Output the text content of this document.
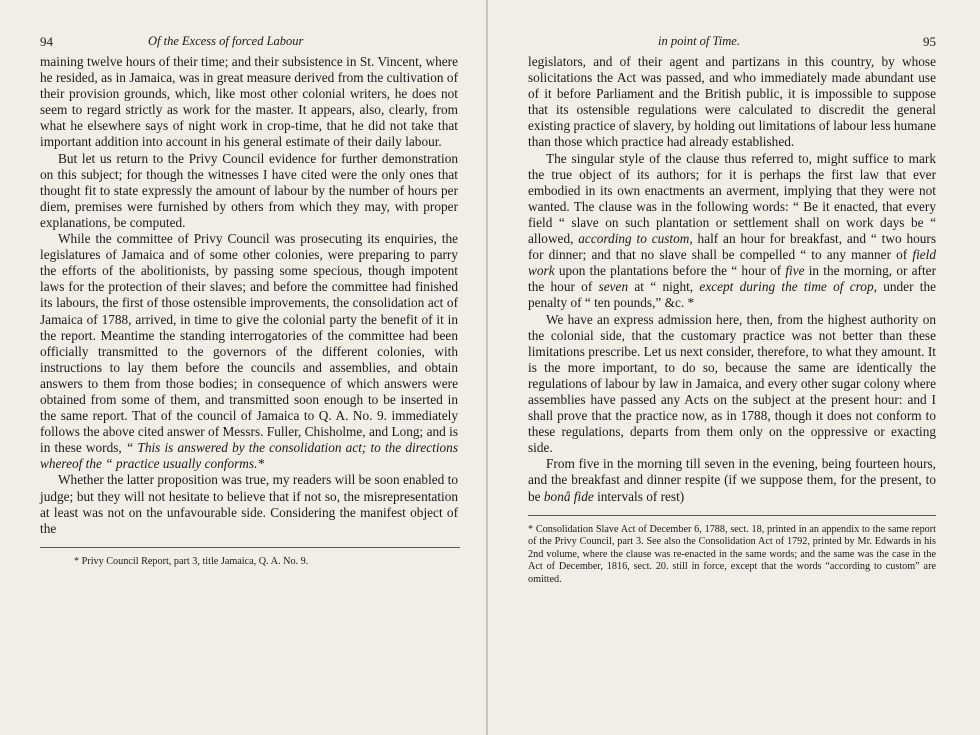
94	Of the Excess of forced Labour

maining twelve hours of their time; and their subsistence in St. Vincent, where he resided, as in Jamaica, was in great measure derived from the cultivation of their provision grounds, which, like most other colonial writers, he does not seem to regard strictly as work for the master. It appears, also, clearly, from what he elsewhere says of night work in crop-time, that he did not take that important addition into account in his general estimate of their daily labour.

But let us return to the Privy Council evidence for further demonstration on this subject; for though the witnesses I have cited were the only ones that thought fit to state expressly the amount of labour by the number of hours per diem, premises were furnished by others from which they may, with proper explanations, be computed.

While the committee of Privy Council was prosecuting its enquiries, the legislatures of Jamaica and of some other colonies, were preparing to parry the efforts of the abolitionists, by passing some specious, though impotent laws for the protection of their slaves; and before the committee had finished its labours, the first of those ostensible improvements, the consolidation act of Jamaica of 1788, arrived, in time to give the colonial party the benefit of it in the report. Meantime the standing interrogatories of the committee had been officially transmitted to the governors of the different colonies, with instructions to lay them before the councils and assemblies, and obtain answers to them from those bodies; in consequence of which answers were obtained from some of them, and transmitted soon enough to be inserted in the same report. That of the council of Jamaica to Q. A. No. 9. immediately follows the above cited answer of Messrs. Fuller, Chisholme, and Long; and is in these words, “ This is answered by the consolidation act; to the directions whereof the “ practice usually conforms.*

Whether the latter proposition was true, my readers will be soon enabled to judge; but they will not hesitate to believe that if not so, the misrepresentation at least was not on the unfavourable side. Considering the manifest object of the

* Privy Council Report, part 3, title Jamaica, Q. A. No. 9.
in point of Time.	95

legislators, and of their agent and partizans in this country, by whose solicitations the Act was passed, and who immediately made abundant use of it before Parliament and the British public, it is impossible to suppose that its ostensible regulations were calculated to discredit the general existing practice of slavery, by holding out limitations of labour less humane than those which practice had already established.

The singular style of the clause thus referred to, might suffice to mark the true object of its authors; for it is perhaps the first law that ever embodied in its own enactments an averment, implying that they were not wanted. The clause was in the following words: “ Be it enacted, that every field “ slave on such plantation or settlement shall on work days be “ allowed, according to custom, half an hour for breakfast, and “ two hours for dinner; and that no slave shall be compelled “ to any manner of field work upon the plantations before the “ hour of five in the morning, or after the hour of seven at “ night, except during the time of crop, under the penalty of “ ten pounds,” &c. *

We have an express admission here, then, from the highest authority on the colonial side, that the customary practice was not better than these limitations prescribe. Let us next consider, therefore, to what they amount. It is the more important, to do so, because the same are identically the regulations of labour by law in Jamaica, and every other sugar colony where assemblies have passed any Acts on the subject at the present hour: and I shall prove that the practice now, as in 1788, though it does not conform to these regulations, departs from them only on the oppressive or exacting side.

From five in the morning till seven in the evening, being fourteen hours, and the breakfast and dinner respite (if we suppose them, for the present, to be bonâ fide intervals of rest)

* Consolidation Slave Act of December 6, 1788, sect. 18, printed in an appendix to the same report of the Privy Council, part 3. See also the Consolidation Act of 1792, printed by Mr. Edwards in his 2nd volume, where the clause was re-enacted in the same words; and the same was the case in the Act of December, 1816, sect. 20. still in force, except that the words “according to custom” are omitted.
